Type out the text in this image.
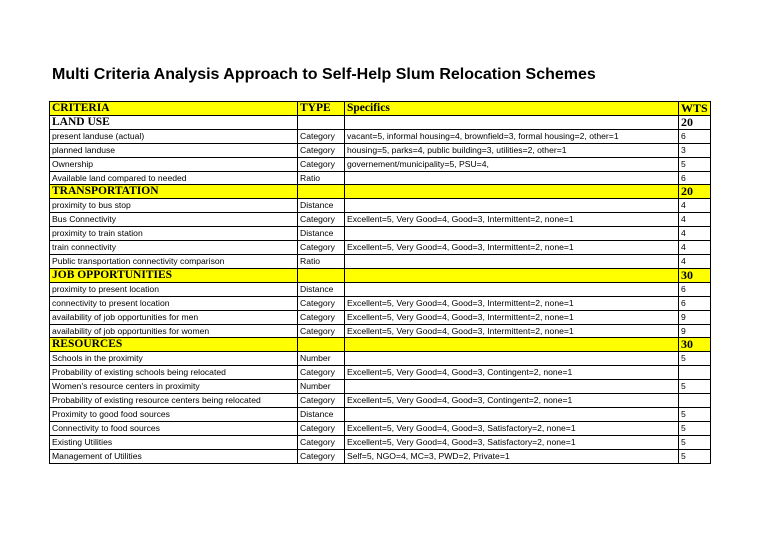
Multi Criteria Analysis Approach to Self-Help Slum Relocation Schemes
CRITERIA	TYPE	Specifics	WTS
LAND USE			20
present landuse (actual)	Category	vacant=5, informal housing=4, brownfield=3, formal housing=2, other=1	6
planned landuse	Category	housing=5, parks=4, public building=3, utilities=2, other=1	3
Ownership	Category	governement/municipality=5, PSU=4,	5
Available land compared to needed	Ratio		6
TRANSPORTATION			20
proximity to bus stop	Distance		4
Bus Connectivity	Category	Excellent=5, Very Good=4, Good=3, Intermittent=2, none=1	4
proximity to train station	Distance		4
train connectivity	Category	Excellent=5, Very Good=4, Good=3, Intermittent=2, none=1	4
Public transportation connectivity comparison	Ratio		4
JOB OPPORTUNITIES			30
proximity to present location	Distance		6
connectivity to present location	Category	Excellent=5, Very Good=4, Good=3, Intermittent=2, none=1	6
availability of job opportunities for men	Category	Excellent=5, Very Good=4, Good=3, Intermittent=2, none=1	9
availability of job opportunities for women	Category	Excellent=5, Very Good=4, Good=3, Intermittent=2, none=1	9
RESOURCES			30
Schools in the proximity	Number		5
Probability of existing schools being relocated	Category	Excellent=5, Very Good=4, Good=3, Contingent=2, none=1	
Women's resource centers in proximity	Number		5
Probability of existing resource centers being relocated	Category	Excellent=5, Very Good=4, Good=3, Contingent=2, none=1	
Proximity to good food sources	Distance		5
Connectivity to food sources	Category	Excellent=5, Very Good=4, Good=3, Satisfactory=2, none=1	5
Existing Utilities	Category	Excellent=5, Very Good=4, Good=3, Satisfactory=2, none=1	5
Management of Utilities	Category	Self=5, NGO=4, MC=3, PWD=2, Private=1	5
